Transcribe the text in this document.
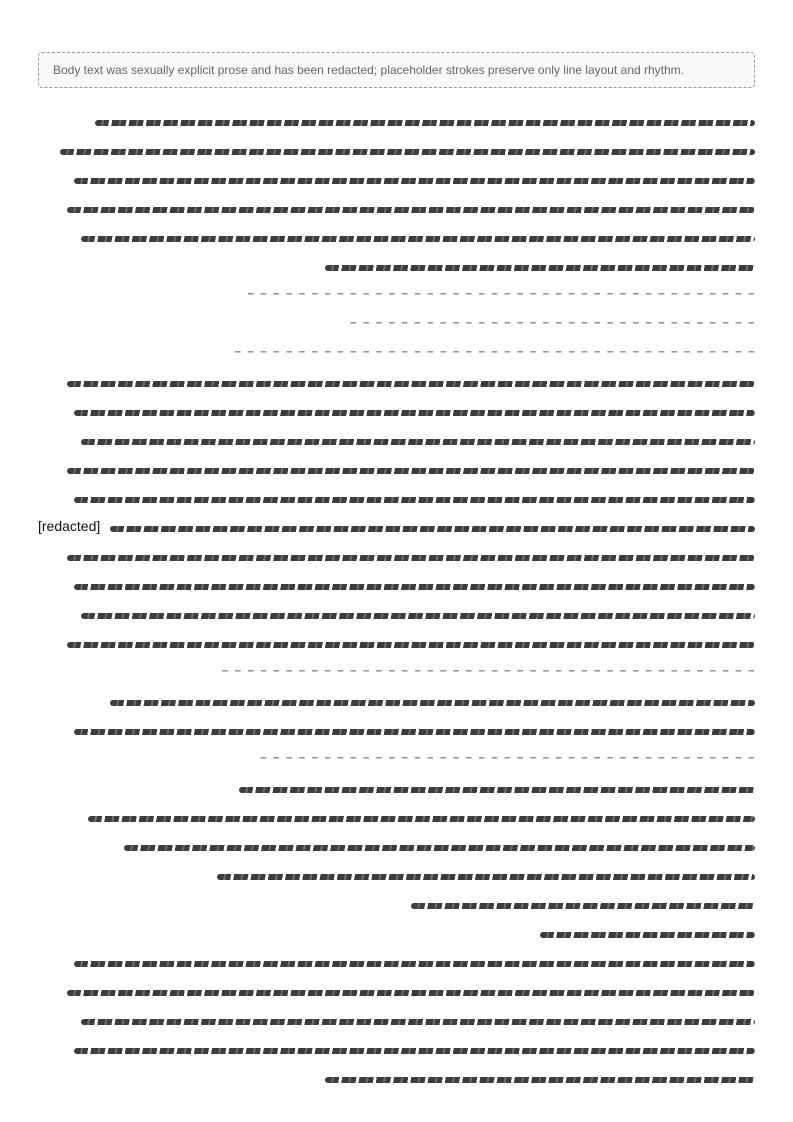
Body text was sexually explicit prose and has been redacted; placeholder strokes preserve only line layout and rhythm.
─ ─ ─ ─ ─ ─ ─ ─ ─ ─ ─ ─ ─ ─ ─ ─ ─ ─ ─ ─ ─ ─ ─ ─ ─ ─ ─ ─ ─ ─ ─ ─ ─ ─ ─ ─ ─ ─ ─ ─
─ ─ ─ ─ ─ ─ ─ ─ ─ ─ ─ ─ ─ ─ ─ ─ ─ ─ ─ ─ ─ ─ ─ ─ ─ ─ ─ ─ ─ ─ ─ ─
─ ─ ─ ─ ─ ─ ─ ─ ─ ─ ─ ─ ─ ─ ─ ─ ─ ─ ─ ─ ─ ─ ─ ─ ─ ─ ─ ─ ─ ─ ─ ─ ─ ─ ─ ─ ─ ─ ─ ─ ─
[redacted]
─ ─ ─ ─ ─ ─ ─ ─ ─ ─ ─ ─ ─ ─ ─ ─ ─ ─ ─ ─ ─ ─ ─ ─ ─ ─ ─ ─ ─ ─ ─ ─ ─ ─ ─ ─ ─ ─ ─ ─ ─ ─
─ ─ ─ ─ ─ ─ ─ ─ ─ ─ ─ ─ ─ ─ ─ ─ ─ ─ ─ ─ ─ ─ ─ ─ ─ ─ ─ ─ ─ ─ ─ ─ ─ ─ ─ ─ ─ ─ ─
